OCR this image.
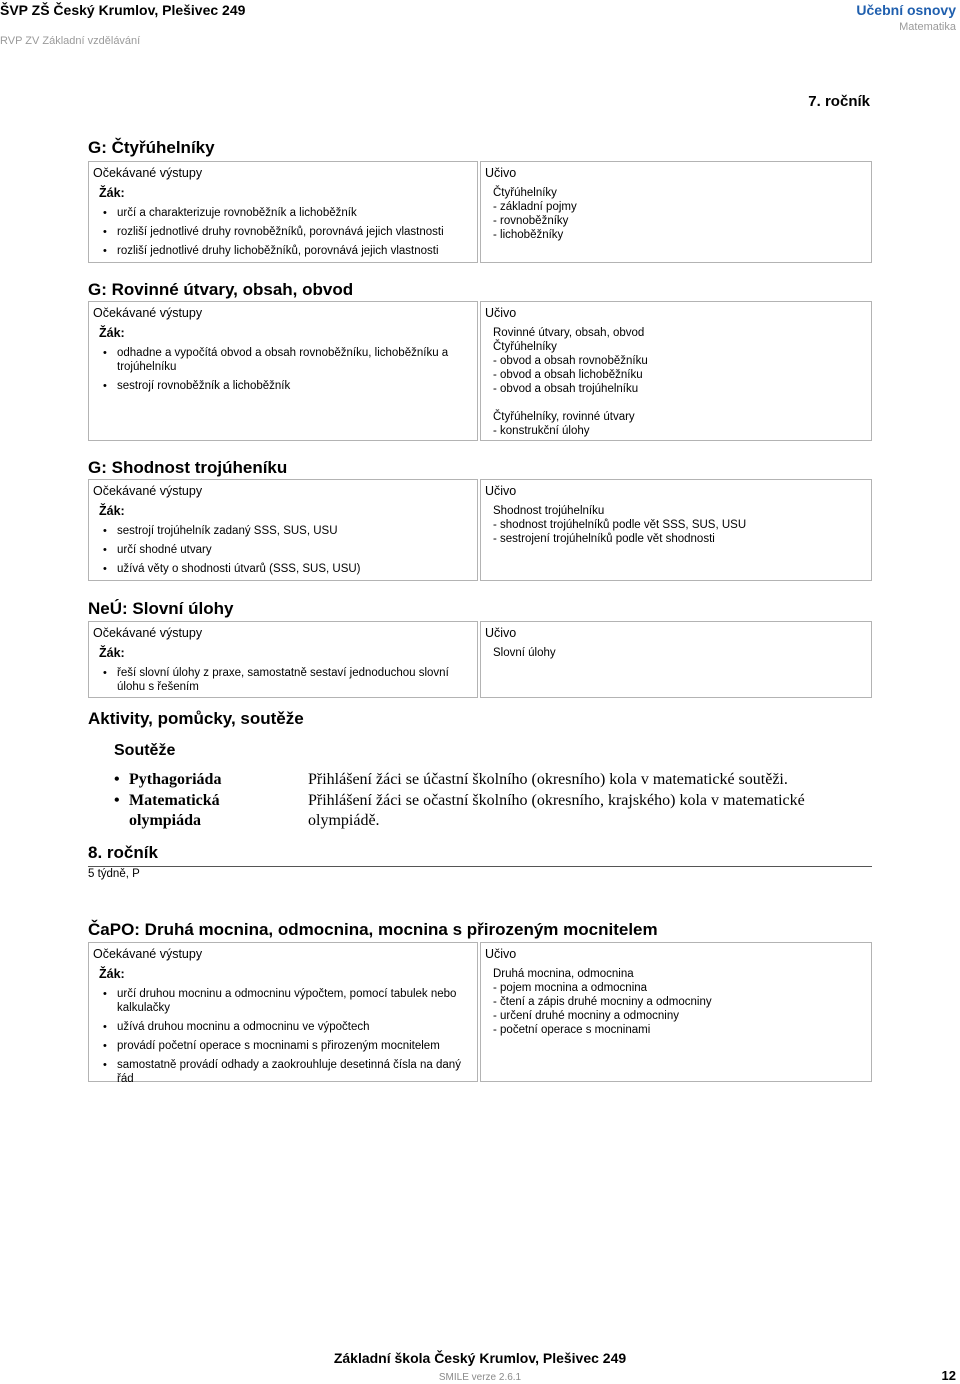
ŠVP ZŠ Český Krumlov, Plešivec 249
RVP ZV Základní vzdělávání
Učební osnovy
Matematika
7. ročník
G: Čtyřúhelníky
Očekávané výstupy
Žák:
• určí a charakterizuje rovnoběžník a lichoběžník
• rozliší jednotlivé druhy rovnoběžníků, porovnává jejich vlastnosti
• rozliší jednotlivé druhy lichoběžníků, porovnává jejich vlastnosti
Učivo
Čtyřúhelníky
- základní pojmy
- rovnoběžníky
- lichoběžníky
G: Rovinné útvary, obsah, obvod
Očekávané výstupy
Žák:
• odhadne a vypočítá obvod a obsah rovnoběžníku, lichoběžníku a trojúhelníku
• sestrojí rovnoběžník a lichoběžník
Učivo
Rovinné útvary, obsah, obvod
Čtyřúhelníky
- obvod a obsah rovnoběžníku
- obvod a obsah lichoběžníku
- obvod a obsah trojúhelníku
Čtyřúhelníky, rovinné útvary
- konstrukční úlohy
G: Shodnost trojúheníku
Očekávané výstupy
Žák:
• sestrojí trojúhelník zadaný SSS, SUS, USU
• určí shodné utvary
• užívá věty o shodnosti útvarů (SSS, SUS, USU)
Učivo
Shodnost trojúhelníku
- shodnost trojúhelníků podle vět SSS, SUS, USU
- sestrojení trojúhelníků podle vět shodnosti
NeÚ: Slovní úlohy
Očekávané výstupy
Žák:
• řeší slovní úlohy z praxe, samostatně sestaví jednoduchou slovní úlohu s řešením
Učivo
Slovní úlohy
Aktivity, pomůcky, soutěže
Soutěže
• Pythagoriáda	Přihlášení žáci se účastní školního (okresního) kola v matematické soutěži.
• Matematická olympiáda
Přihlášení žáci se očastní školního (okresního, krajského) kola v matematické olympiádě.
8. ročník
5 týdně, P
ČaPO: Druhá mocnina, odmocnina, mocnina s přirozeným mocnitelem
Očekávané výstupy
Žák:
• určí druhou mocninu a odmocninu výpočtem, pomocí tabulek nebo kalkulačky
• užívá druhou mocninu a odmocninu ve výpočtech
• provádí početní operace s mocninami s přirozeným mocnitelem
• samostatně provádí odhady a zaokrouhluje desetinná čísla na daný řád
Učivo
Druhá mocnina, odmocnina
- pojem mocnina a odmocnina
- čtení a zápis druhé mocniny a odmocniny
- určení druhé mocniny a odmocniny
- početní operace s mocninami
Základní škola Český Krumlov, Plešivec 249
SMILE verze 2.6.1	12
